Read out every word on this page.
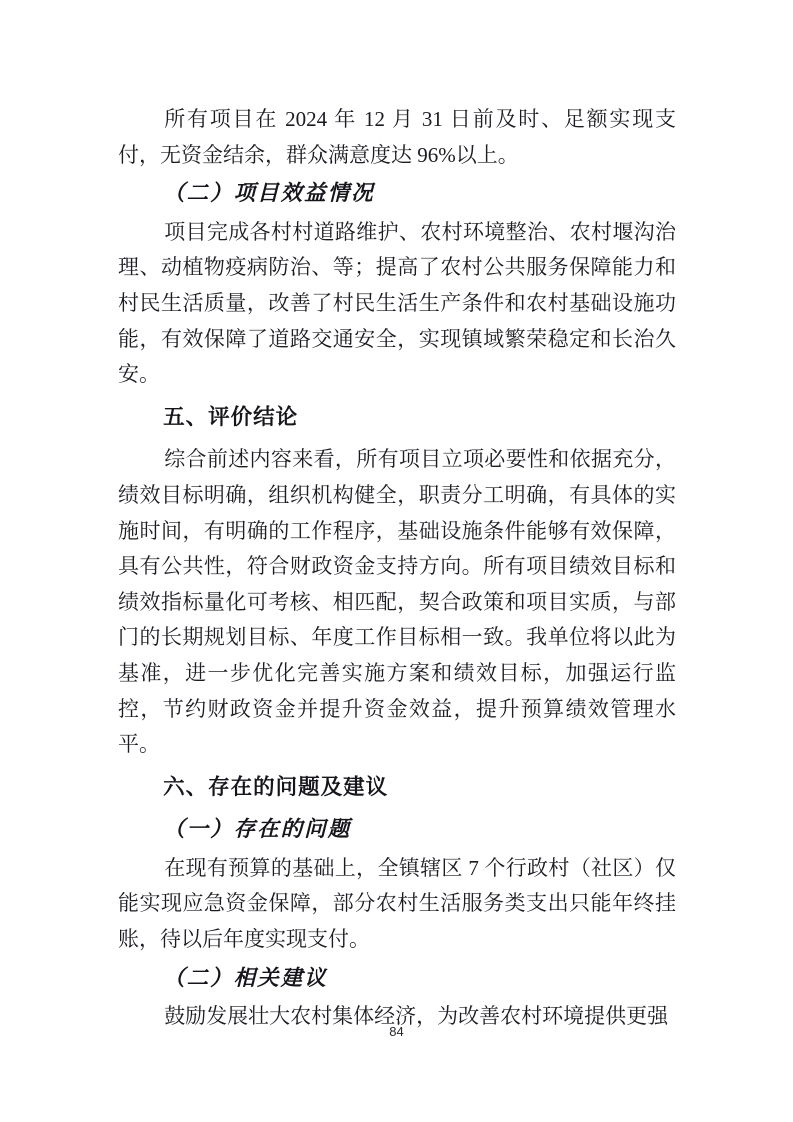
所有项目在 2024 年 12 月 31 日前及时、足额实现支付，无资金结余，群众满意度达 96%以上。

（二）项目效益情况

项目完成各村村道路维护、农村环境整治、农村堰沟治理、动植物疫病防治、等；提高了农村公共服务保障能力和村民生活质量，改善了村民生活生产条件和农村基础设施功能，有效保障了道路交通安全，实现镇域繁荣稳定和长治久安。

五、评价结论

综合前述内容来看，所有项目立项必要性和依据充分，绩效目标明确，组织机构健全，职责分工明确，有具体的实施时间，有明确的工作程序，基础设施条件能够有效保障，具有公共性，符合财政资金支持方向。所有项目绩效目标和绩效指标量化可考核、相匹配，契合政策和项目实质，与部门的长期规划目标、年度工作目标相一致。我单位将以此为基准，进一步优化完善实施方案和绩效目标，加强运行监控，节约财政资金并提升资金效益，提升预算绩效管理水平。

六、存在的问题及建议
（一）存在的问题

在现有预算的基础上，全镇辖区 7 个行政村（社区）仅能实现应急资金保障，部分农村生活服务类支出只能年终挂账，待以后年度实现支付。

（二）相关建议

鼓励发展壮大农村集体经济，为改善农村环境提供更强

84
